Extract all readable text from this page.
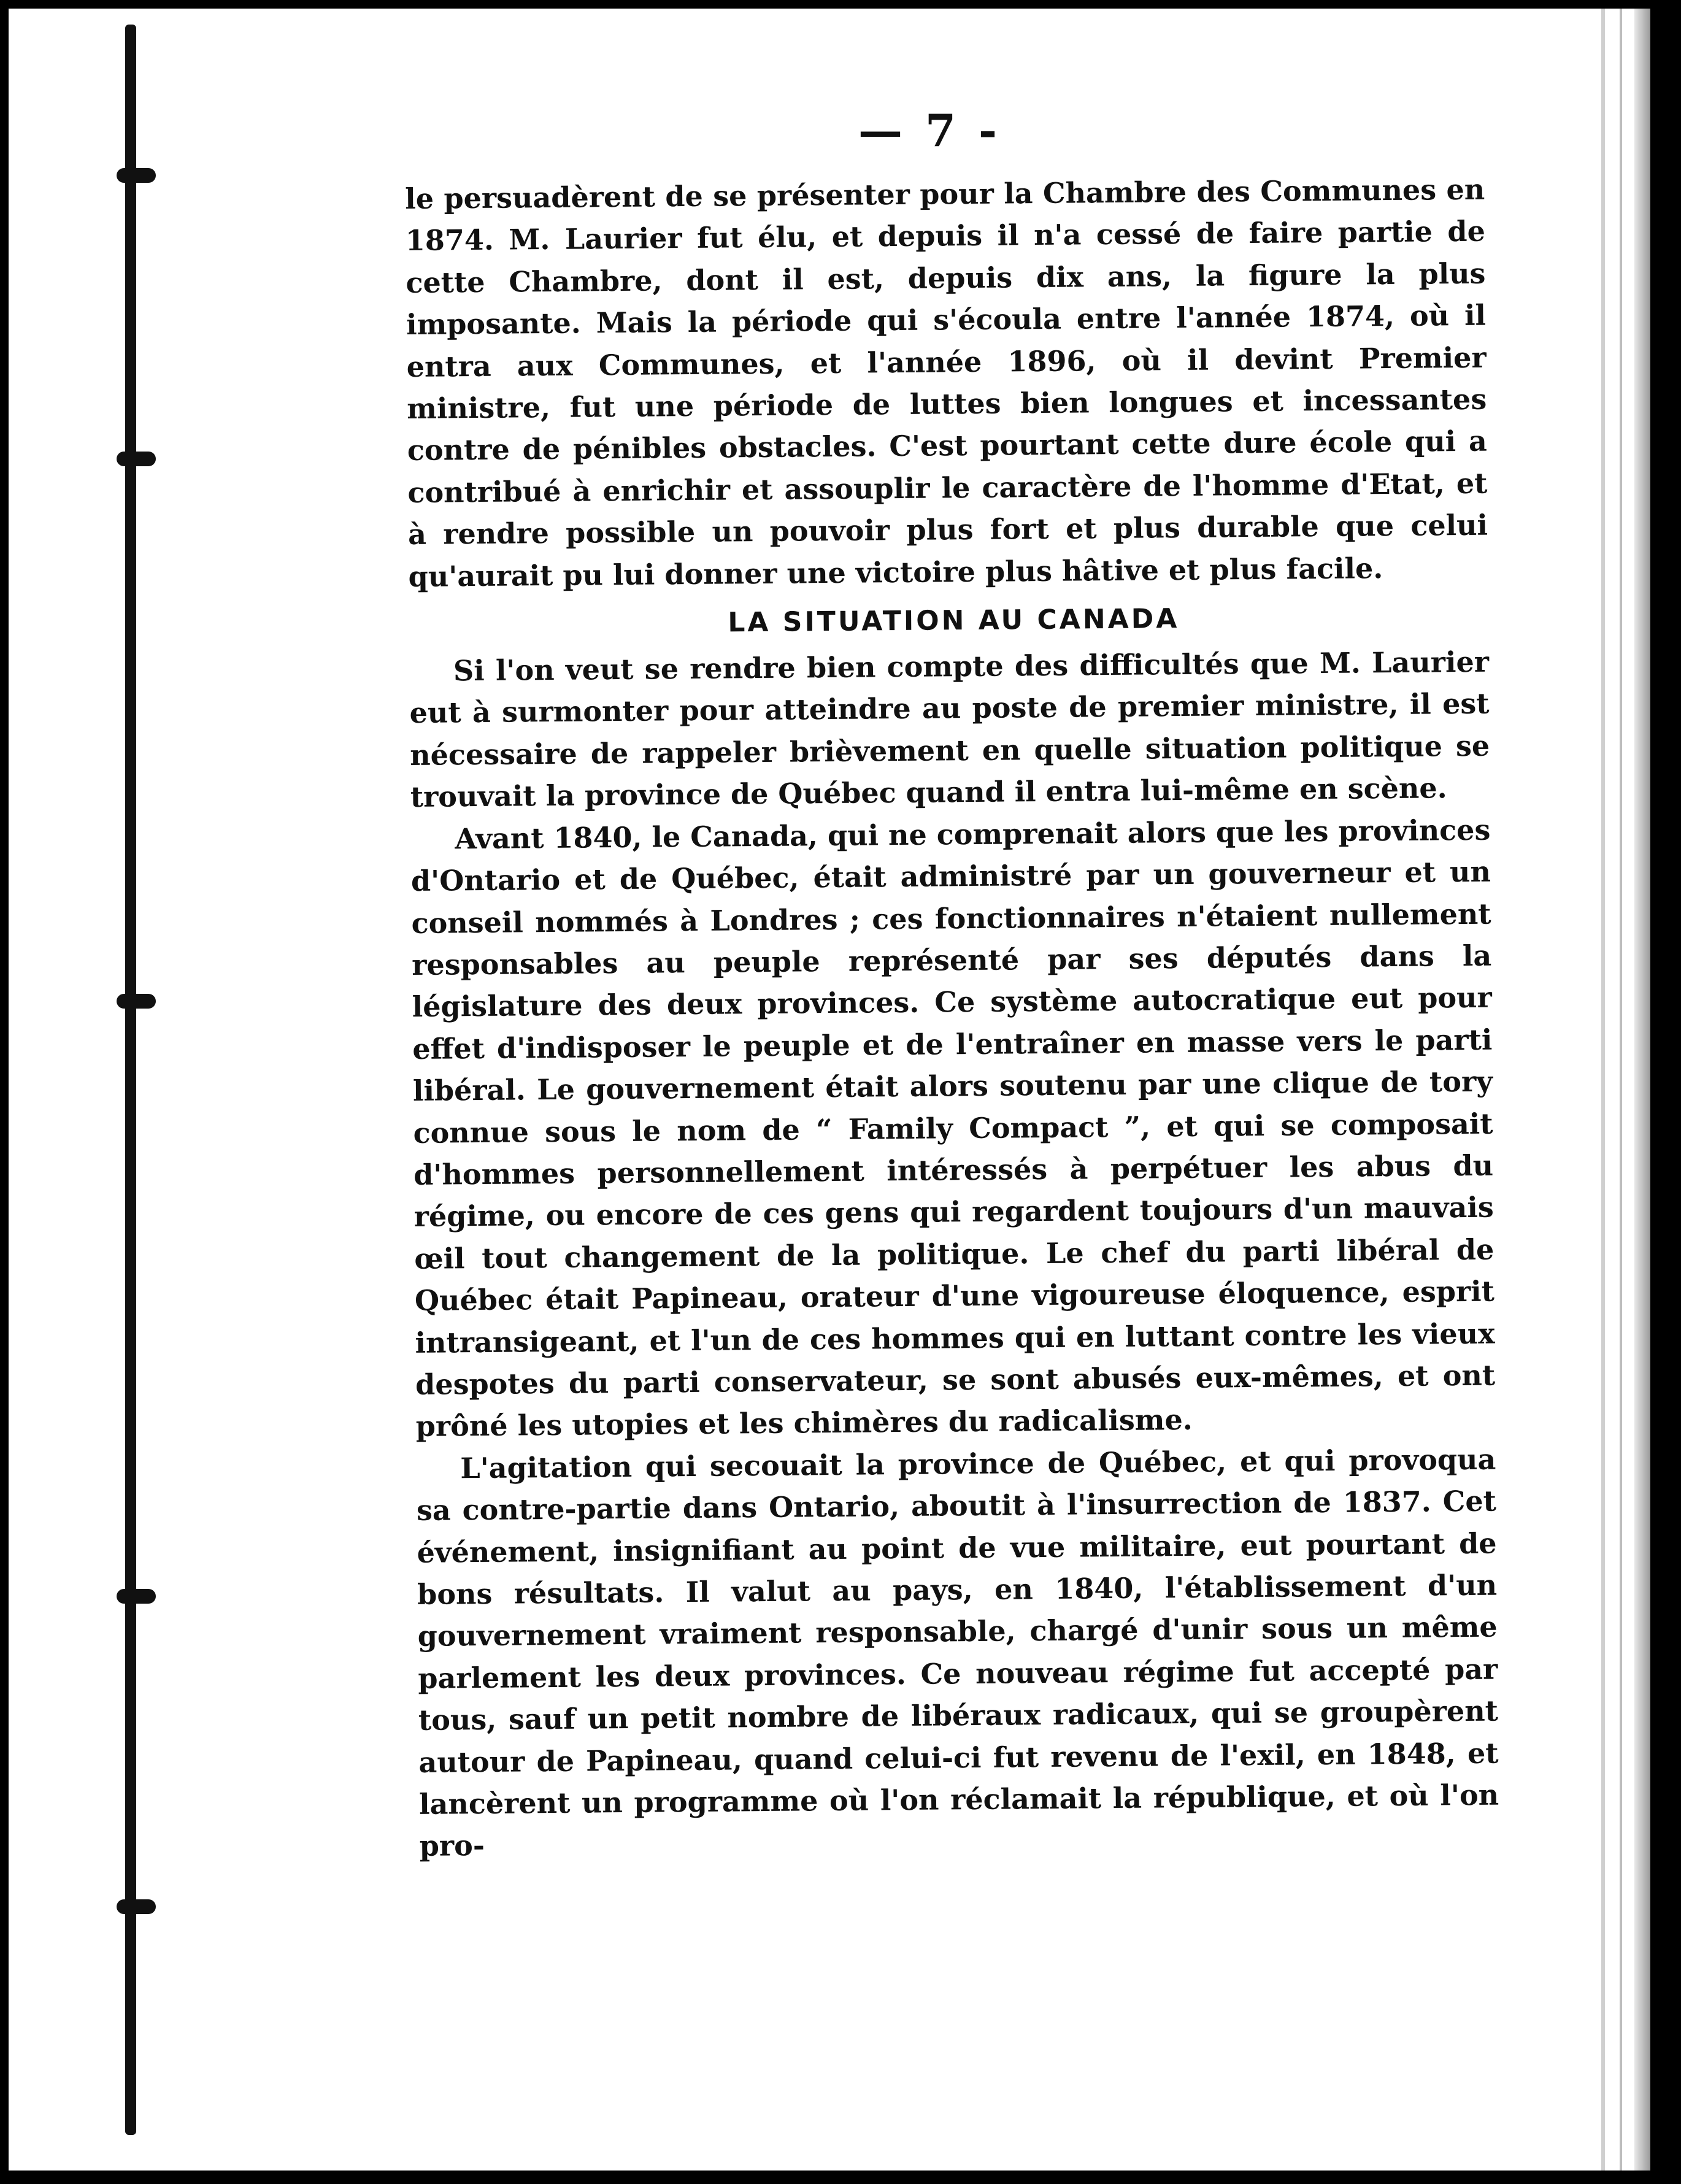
— 7 -

le persuadèrent de se présenter pour la Chambre des Communes en 1874. M. Laurier fut élu, et depuis il n'a cessé de faire partie de cette Chambre, dont il est, depuis dix ans, la figure la plus imposante. Mais la période qui s'écoula entre l'année 1874, où il entra aux Communes, et l'année 1896, où il devint Premier ministre, fut une période de luttes bien longues et incessantes contre de pénibles obstacles. C'est pourtant cette dure école qui a contribué à enrichir et assouplir le caractère de l'homme d'Etat, et à rendre possible un pouvoir plus fort et plus durable que celui qu'aurait pu lui donner une victoire plus hâtive et plus facile.

LA SITUATION AU CANADA

Si l'on veut se rendre bien compte des difficultés que M. Laurier eut à surmonter pour atteindre au poste de premier ministre, il est nécessaire de rappeler brièvement en quelle situation politique se trouvait la province de Québec quand il entra lui-même en scène.

Avant 1840, le Canada, qui ne comprenait alors que les provinces d'Ontario et de Québec, était administré par un gouverneur et un conseil nommés à Londres ; ces fonctionnaires n'étaient nullement responsables au peuple représenté par ses députés dans la législature des deux provinces. Ce système autocratique eut pour effet d'indisposer le peuple et de l'entraîner en masse vers le parti libéral. Le gouvernement était alors soutenu par une clique de tory connue sous le nom de “ Family Compact ”, et qui se composait d'hommes personnellement intéressés à perpétuer les abus du régime, ou encore de ces gens qui regardent toujours d'un mauvais œil tout changement de la politique. Le chef du parti libéral de Québec était Papineau, orateur d'une vigoureuse éloquence, esprit intransigeant, et l'un de ces hommes qui en luttant contre les vieux despotes du parti conservateur, se sont abusés eux-mêmes, et ont prôné les utopies et les chimères du radicalisme.

L'agitation qui secouait la province de Québec, et qui provoqua sa contre-partie dans Ontario, aboutit à l'insurrection de 1837. Cet événement, insignifiant au point de vue militaire, eut pourtant de bons résultats. Il valut au pays, en 1840, l'établissement d'un gouvernement vraiment responsable, chargé d'unir sous un même parlement les deux provinces. Ce nouveau régime fut accepté par tous, sauf un petit nombre de libéraux radicaux, qui se groupèrent autour de Papineau, quand celui-ci fut revenu de l'exil, en 1848, et lancèrent un programme où l'on réclamait la république, et où l'on pro-
